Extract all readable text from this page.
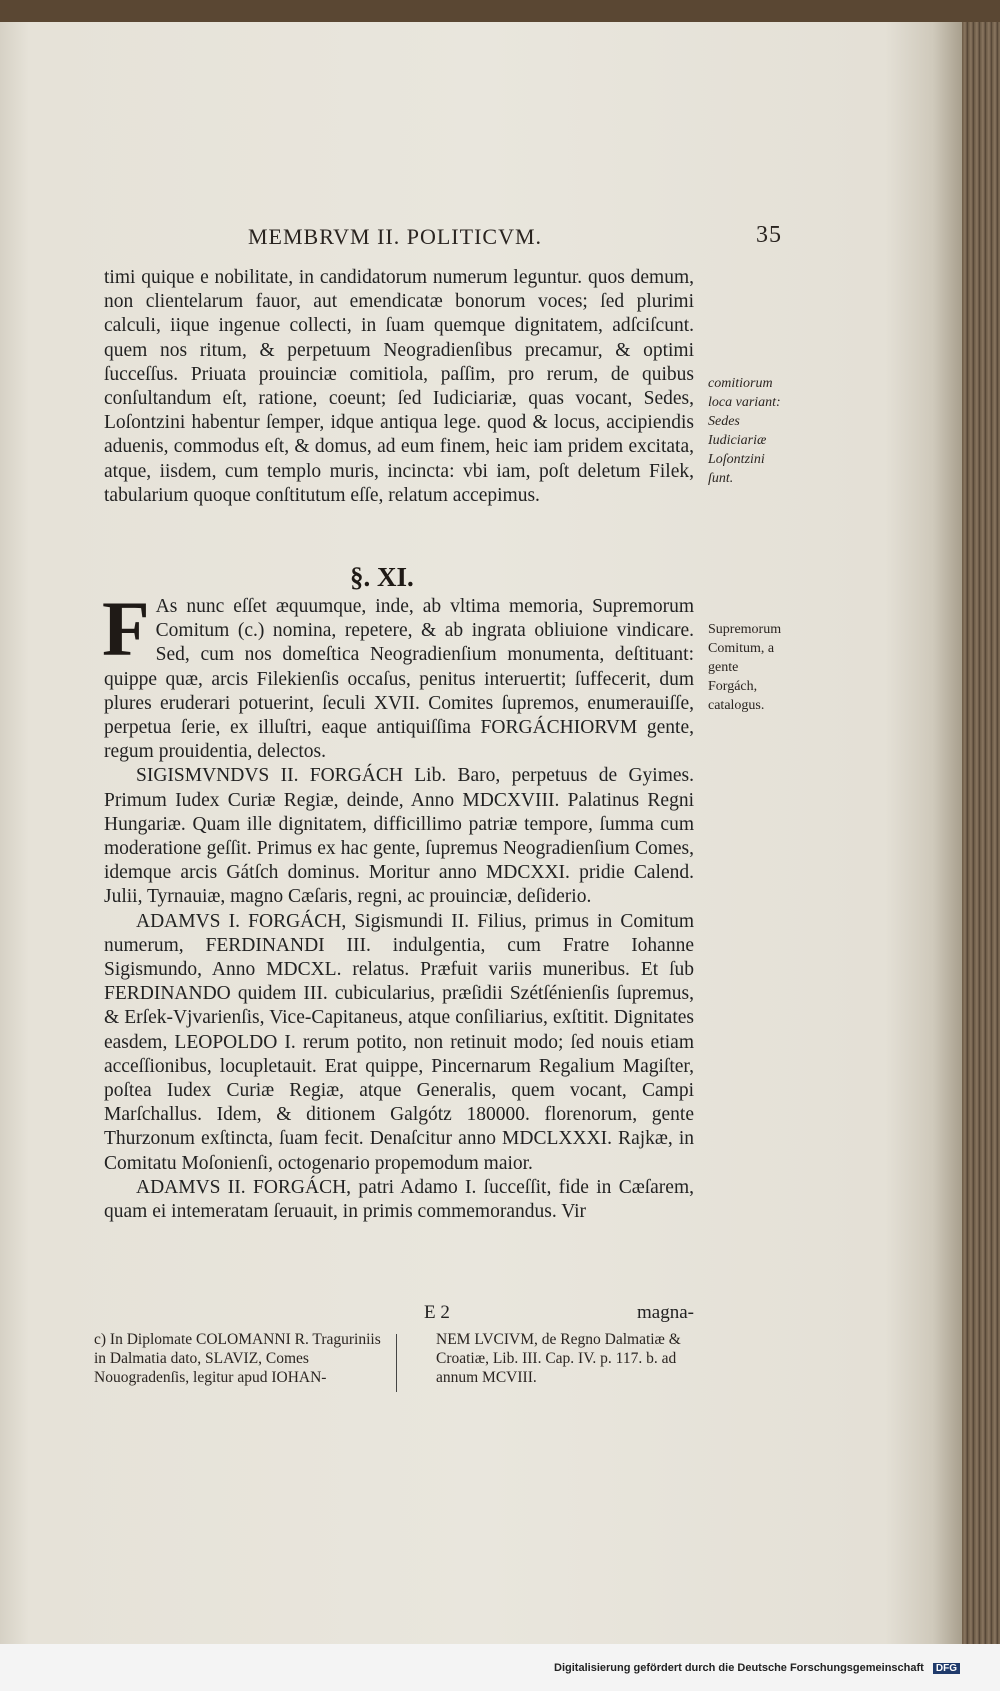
MEMBRVM II. POLITICVM.	35

timi quique e nobilitate, in candidatorum numerum leguntur. quos demum, non clientelarum fauor, aut emendicatæ bonorum voces; ſed plurimi calculi, iique ingenue collecti, in ſuam quemque dignitatem, adſciſcunt. quem nos ritum, & perpetuum Neogradienſibus precamur, & optimi ſucceſſus. Priuata prouinciæ comitiola, paſſim, pro rerum, de quibus conſultandum eſt, ratione, coeunt; ſed Iudiciariæ, quas vocant, Sedes, Loſontzini habentur ſemper, idque antiqua lege. quod & locus, accipiendis aduenis, commodus eſt, & domus, ad eum finem, heic iam pridem excitata, atque, iisdem, cum templo muris, incincta: vbi iam, poſt deletum Filek, tabularium quoque conſtitutum eſſe, relatum accepimus.

§. XI.

F As nunc eſſet æquumque, inde, ab vltima memoria, Supremorum Comitum (c.) nomina, repetere, & ab ingrata obliuione vindicare. Sed, cum nos domeſtica Neogradienſium monumenta, deſtituant: quippe quæ, arcis Filekienſis occaſus, penitus interuertit; ſuffecerit, dum plures eruderari potuerint, ſeculi XVII. Comites ſupremos, enumerauiſſe, perpetua ſerie, ex illuſtri, eaque antiquiſſima FORGÁCHIORVM gente, regum prouidentia, delectos.

SIGISMVNDVS II. FORGÁCH Lib. Baro, perpetuus de Gyimes. Primum Iudex Curiæ Regiæ, deinde, Anno MDCXVIII. Palatinus Regni Hungariæ. Quam ille dignitatem, difficillimo patriæ tempore, ſumma cum moderatione geſſit. Primus ex hac gente, ſupremus Neogradienſium Comes, idemque arcis Gátſch dominus. Moritur anno MDCXXI. pridie Calend. Julii, Tyrnauiæ, magno Cæſaris, regni, ac prouinciæ, deſiderio.

ADAMVS I. FORGÁCH, Sigismundi II. Filius, primus in Comitum numerum, FERDINANDI III. indulgentia, cum Fratre Iohanne Sigismundo, Anno MDCXL. relatus. Præfuit variis muneribus. Et ſub FERDINANDO quidem III. cubicularius, præſidii Szétſénienſis ſupremus, & Erſek-Vjvarienſis, Vice-Capitaneus, atque conſiliarius, exſtitit. Dignitates easdem, LEOPOLDO I. rerum potito, non retinuit modo; ſed nouis etiam acceſſionibus, locupletauit. Erat quippe, Pincernarum Regalium Magiſter, poſtea Iudex Curiæ Regiæ, atque Generalis, quem vocant, Campi Marſchallus. Idem, & ditionem Galgótz 180000. florenorum, gente Thurzonum exſtincta, ſuam fecit. Denaſcitur anno MDCLXXXI. Rajkæ, in Comitatu Moſonienſi, octogenario propemodum maior.

ADAMVS II. FORGÁCH, patri Adamo I. ſucceſſit, fide in Cæſarem, quam ei intemeratam ſeruauit, in primis commemorandus. Vir

comitiorum loca variant: Sedes Iudiciariæ Loſontzini ſunt.
Supremorum Comitum, a gente Forgách, catalogus.
E 2	magna-
c) In Diplomate COLOMANNI R. Traguriniis in Dalmatia dato, SLAVIZ, Comes Nouogradenſis, legitur apud IOHAN-
NEM LVCIVM, de Regno Dalmatiæ & Croatiæ, Lib. III. Cap. IV. p. 117. b. ad annum MCVIII.
Digitalisierung gefördert durch die Deutsche Forschungsgemeinschaft DFG
